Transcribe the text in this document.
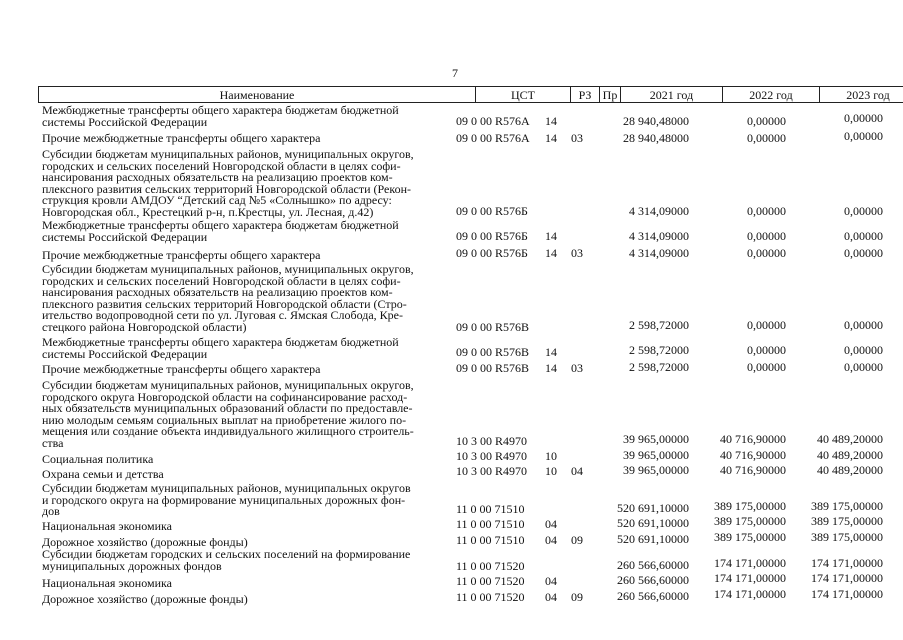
7
Наименование	ЦСТ	РЗ	Пр	2021 год	2022 год	2023 год
Межбюджетные трансферты общего характера бюджетам бюджетной
системы Российской Федерации	09 0 00 R576А 14	28 940,48000	0,00000	0,00000
Прочие межбюджетные трансферты общего характера	09 0 00 R576А 14 03	28 940,48000	0,00000	0,00000
Субсидии бюджетам муниципальных районов, муниципальных округов,
городских и сельских поселений Новгородской области в целях софи-
нансирования расходных обязательств на реализацию проектов ком-
плексного развития сельских территорий Новгородской области (Рекон-
струкция кровли АМДОУ “Детский сад №5 «Солнышко» по адресу:
Новгородская обл., Крестецкий р-н, п.Крестцы, ул. Лесная, д.42)	09 0 00 R576Б	4 314,09000	0,00000	0,00000
Межбюджетные трансферты общего характера бюджетам бюджетной
системы Российской Федерации	09 0 00 R576Б 14	4 314,09000	0,00000	0,00000
Прочие межбюджетные трансферты общего характера	09 0 00 R576Б 14 03	4 314,09000	0,00000	0,00000
Субсидии бюджетам муниципальных районов, муниципальных округов,
городских и сельских поселений Новгородской области в целях софи-
нансирования расходных обязательств на реализацию проектов ком-
плексного развития сельских территорий Новгородской области (Стро-
ительство водопроводной сети по ул. Луговая с. Ямская Слобода, Кре-
стецкого района Новгородской области)	09 0 00 R576В	2 598,72000	0,00000	0,00000
Межбюджетные трансферты общего характера бюджетам бюджетной
системы Российской Федерации	09 0 00 R576В 14	2 598,72000	0,00000	0,00000
Прочие межбюджетные трансферты общего характера	09 0 00 R576В 14 03	2 598,72000	0,00000	0,00000
Субсидии бюджетам муниципальных районов, муниципальных округов,
городского округа Новгородской области на софинансирование расход-
ных обязательств муниципальных образований области по предоставле-
нию молодым семьям социальных выплат на приобретение жилого по-
мещения или создание объекта индивидуального жилищного строитель-
ства	10 3 00 R4970	39 965,00000	40 716,90000	40 489,20000
Социальная политика	10 3 00 R4970 10	39 965,00000	40 716,90000	40 489,20000
Охрана семьи и детства	10 3 00 R4970 10 04	39 965,00000	40 716,90000	40 489,20000
Субсидии бюджетам муниципальных районов, муниципальных округов
и городского округа на формирование муниципальных дорожных фон-
дов	11 0 00 71510	520 691,10000 389 175,00000 389 175,00000
Национальная экономика	11 0 00 71510 04	520 691,10000 389 175,00000 389 175,00000
Дорожное хозяйство (дорожные фонды)	11 0 00 71510 04 09	520 691,10000 389 175,00000 389 175,00000
Субсидии бюджетам городских и сельских поселений на формирование
муниципальных дорожных фондов	11 0 00 71520	260 566,60000 174 171,00000 174 171,00000
Национальная экономика	11 0 00 71520 04	260 566,60000 174 171,00000 174 171,00000
Дорожное хозяйство (дорожные фонды)	11 0 00 71520 04 09	260 566,60000 174 171,00000 174 171,00000
